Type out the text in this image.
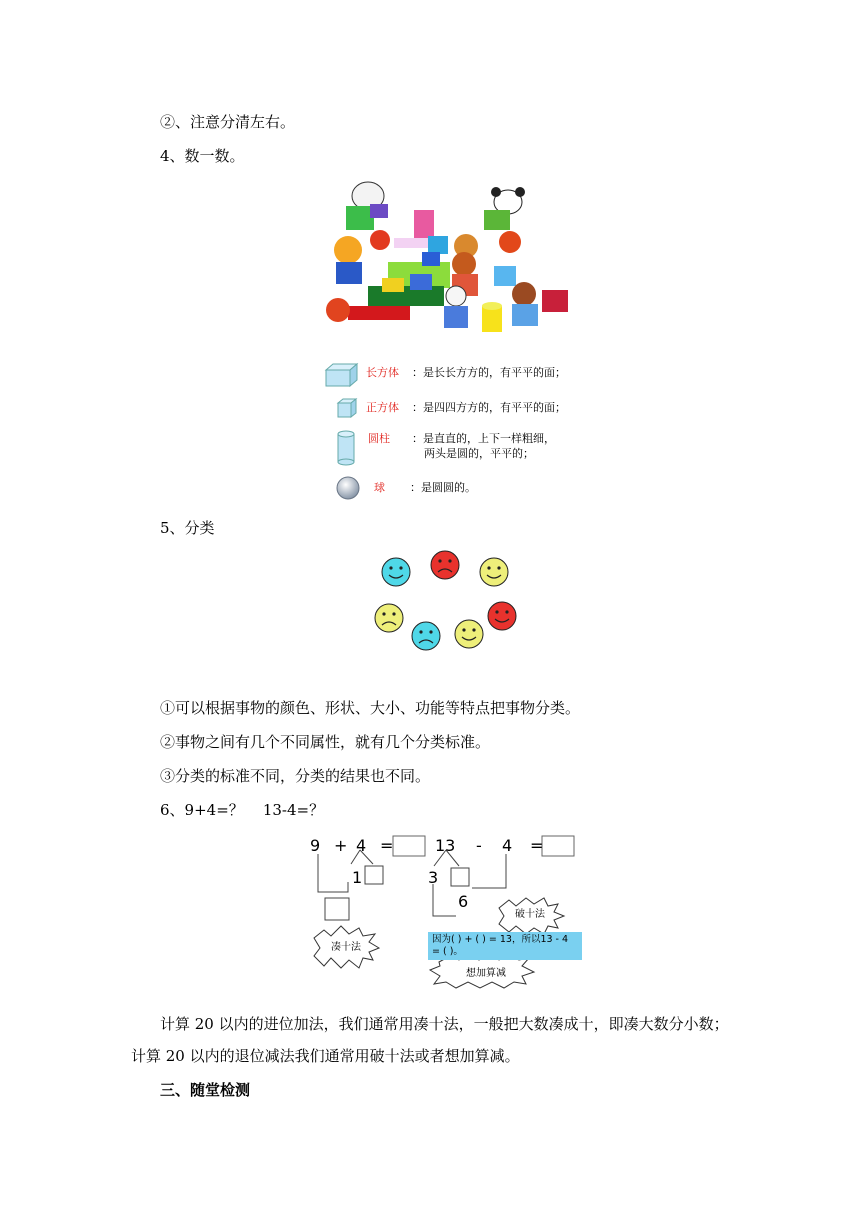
②、注意分清左右。
4、数一数。
长方体 ：是长长方方的，有平平的面；
正方体 ：是四四方方的，有平平的面；
圆柱 ：是直直的，上下一样粗细，
两头是圆的，平平的；
球 ：是圆圆的。
5、分类
①可以根据事物的颜色、形状、大小、功能等特点把事物分类。
②事物之间有几个不同属性，就有几个分类标准。
③分类的标准不同，分类的结果也不同。
6、9+4=？    13-4=？
9 + 4 =
1
13 - 4 =
3
6
破十法
凑十法
想加算减
因为( ) + ( ) = 13，所以13 - 4
= ( )。
计算 20 以内的进位加法，我们通常用凑十法，一般把大数凑成十，即凑大数分小数；
计算 20 以内的退位减法我们通常用破十法或者想加算减。
三、随堂检测
